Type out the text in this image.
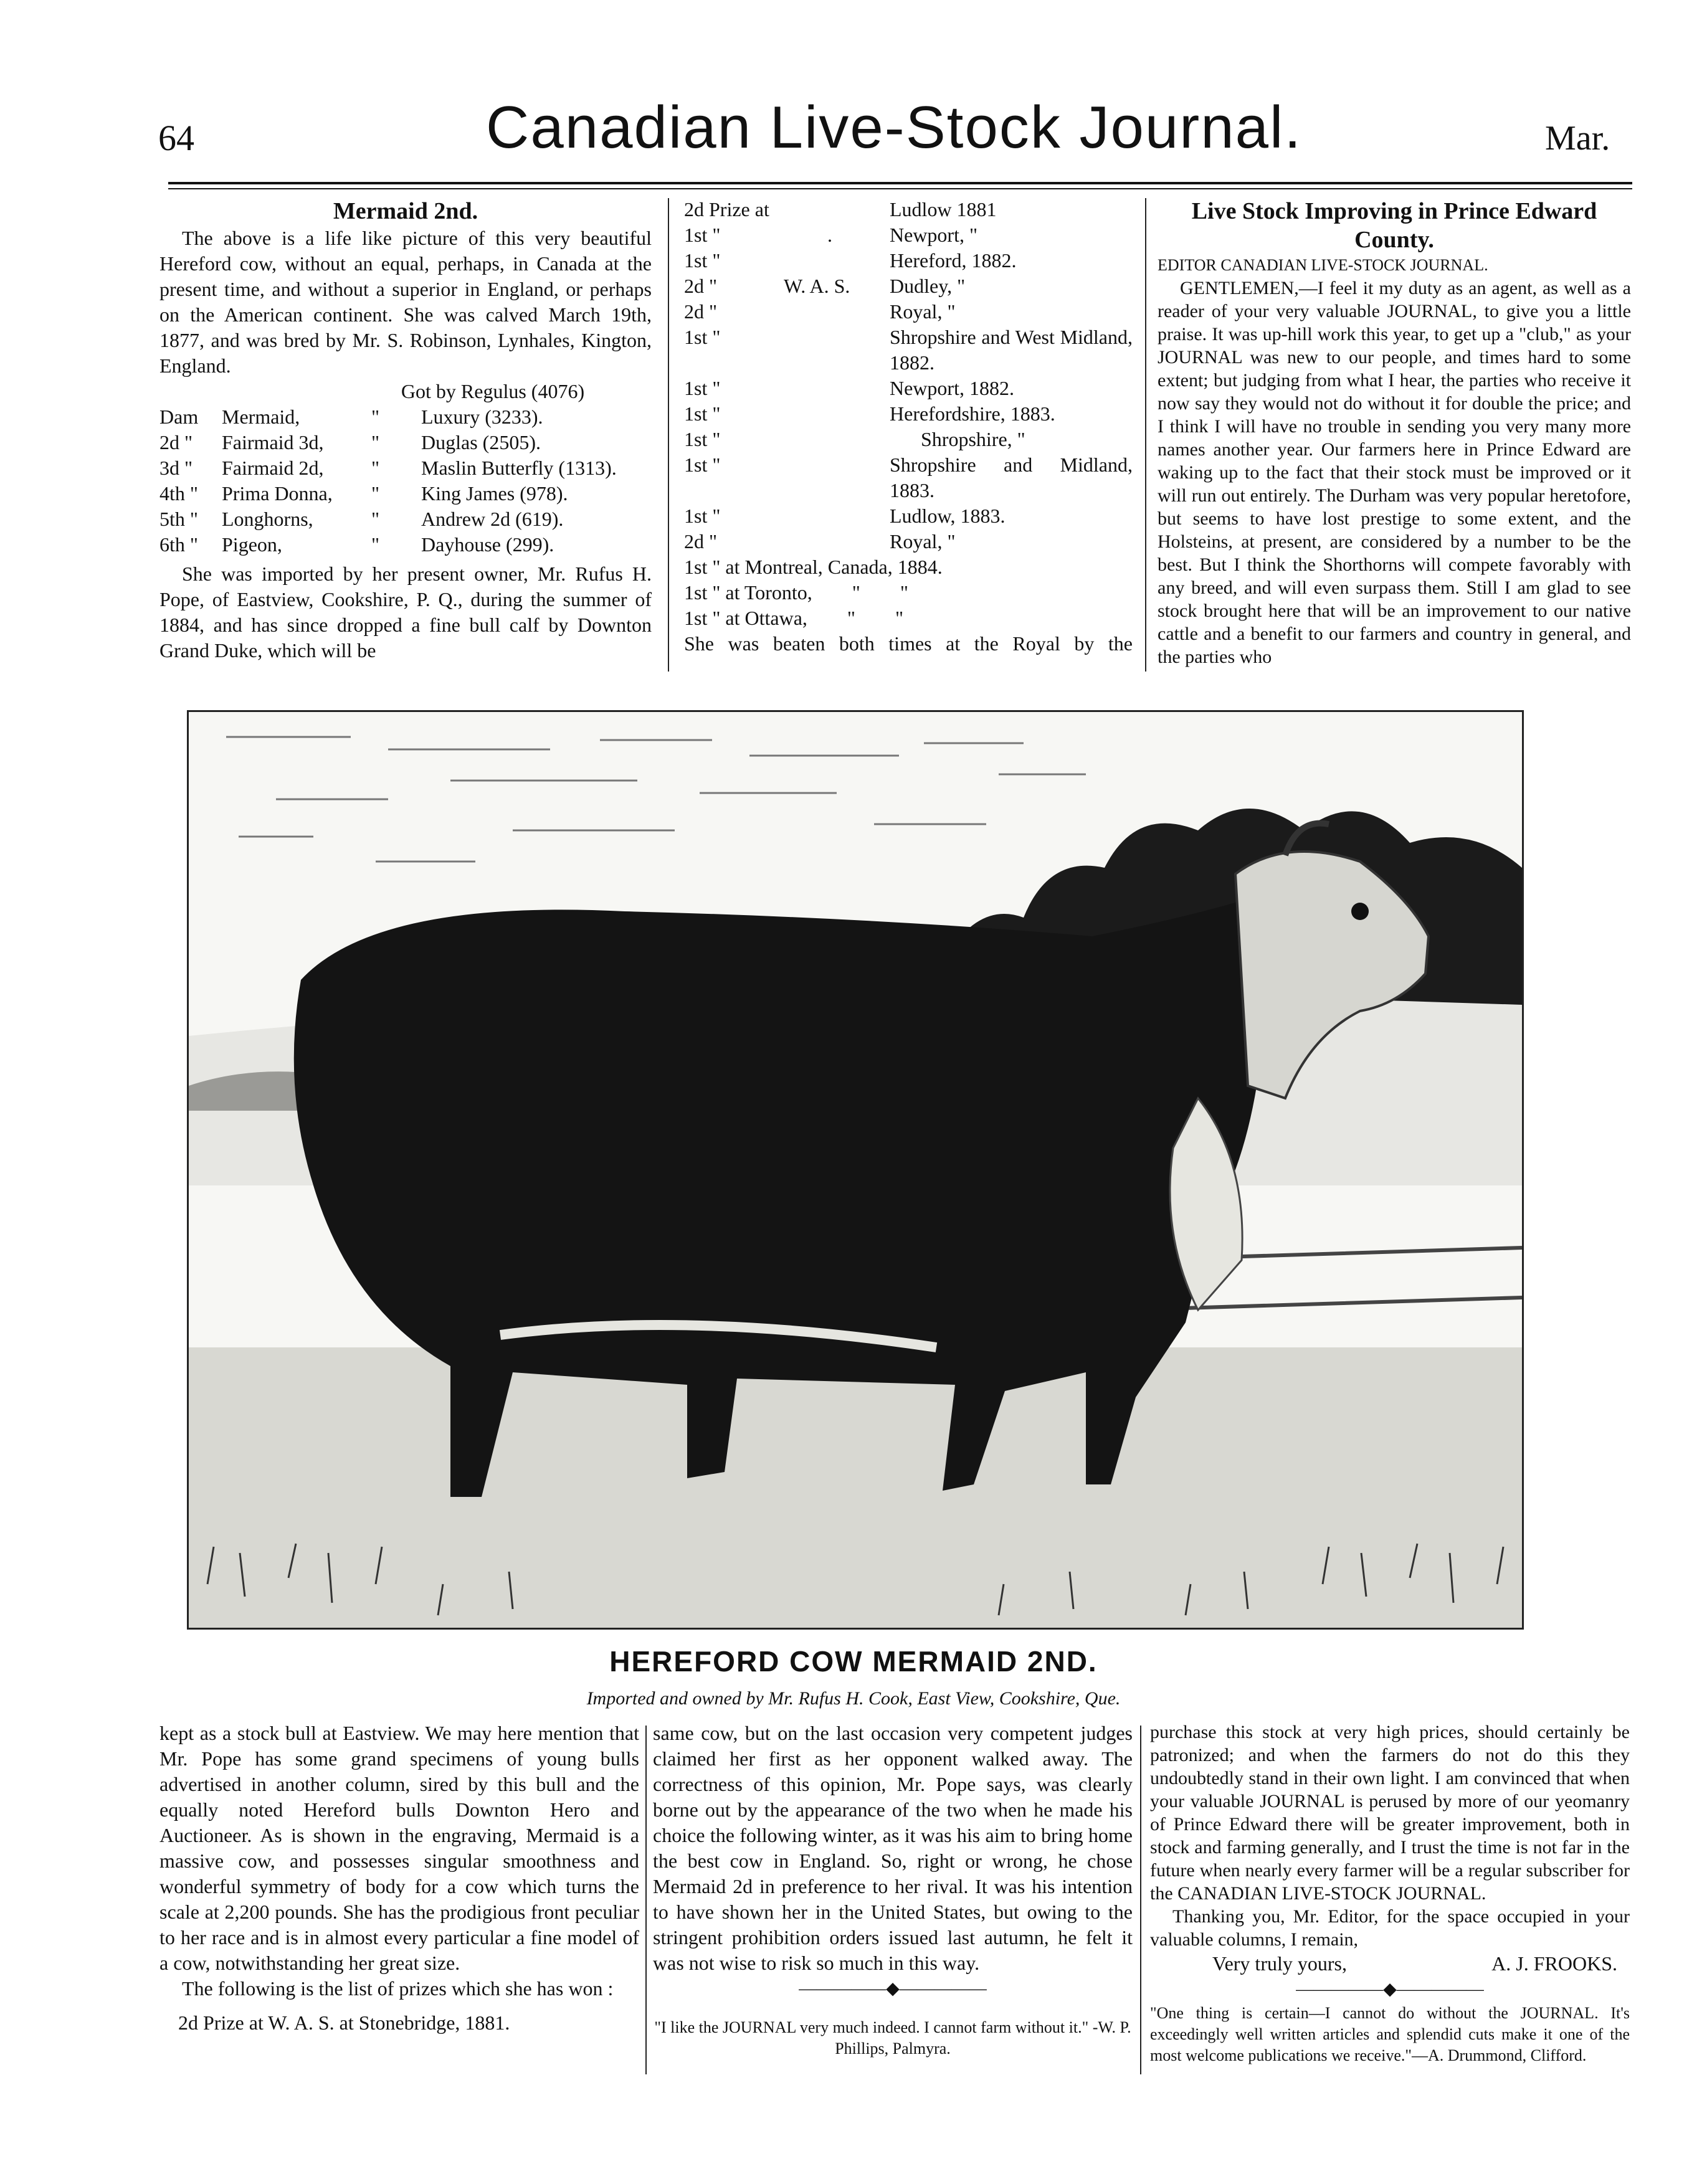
64	Canadian Live-Stock Journal.	Mar.

Mermaid 2nd.

The above is a life like picture of this very beautiful Hereford cow, without an equal, perhaps, in Canada at the present time, and without a superior in England, or perhaps on the American continent. She was calved March 19th, 1877, and was bred by Mr. S. Robinson, Lynhales, Kington, England.

Got by Regulus (4076)

Dam	Mermaid,	"	Luxury (3233).
2d "	Fairmaid 3d,	"	Duglas (2505).
3d "	Fairmaid 2d,	"	Maslin Butterfly (1313).
4th "	Prima Donna,	"	King James (978).
5th "	Longhorns,	"	Andrew 2d (619).
6th "	Pigeon,	"	Dayhouse (299).

She was imported by her present owner, Mr. Rufus H. Pope, of Eastview, Cookshire, P. Q., during the summer of 1884, and has since dropped a fine bull calf by Downton Grand Duke, which will be

2d Prize at	Ludlow 1881
1st "	.	Newport, "
1st "	Hereford, 1882.
2d "	W. A. S.	Dudley, "
2d "	Royal, "
1st "	Shropshire and West Midland, 1882.
1st "	Newport, 1882.
1st "	Herefordshire, 1883.
1st "	Shropshire, "
1st "	Shropshire and Midland, 1883.
1st "	Ludlow, 1883.
2d "	Royal, "
1st " at Montreal, Canada, 1884.
1st " at Toronto,        "        "
1st " at Ottawa,        "        "

She was beaten both times at the Royal by the

Live Stock Improving in Prince Edward County.

EDITOR CANADIAN LIVE-STOCK JOURNAL.

GENTLEMEN,—I feel it my duty as an agent, as well as a reader of your very valuable JOURNAL, to give you a little praise. It was up-hill work this year, to get up a "club," as your JOURNAL was new to our people, and times hard to some extent; but judging from what I hear, the parties who receive it now say they would not do without it for double the price; and I think I will have no trouble in sending you very many more names another year. Our farmers here in Prince Edward are waking up to the fact that their stock must be improved or it will run out entirely. The Durham was very popular heretofore, but seems to have lost prestige to some extent, and the Holsteins, at present, are considered by a number to be the best. But I think the Shorthorns will compete favorably with any breed, and will even surpass them. Still I am glad to see stock brought here that will be an improvement to our native cattle and a benefit to our farmers and country in general, and the parties who

HEREFORD COW MERMAID 2ND.
Imported and owned by Mr. Rufus H. Cook, East View, Cookshire, Que.

kept as a stock bull at Eastview. We may here mention that Mr. Pope has some grand specimens of young bulls advertised in another column, sired by this bull and the equally noted Hereford bulls Downton Hero and Auctioneer. As is shown in the engraving, Mermaid is a massive cow, and possesses singular smoothness and wonderful symmetry of body for a cow which turns the scale at 2,200 pounds. She has the prodigious front peculiar to her race and is in almost every particular a fine model of a cow, notwithstanding her great size.

The following is the list of prizes which she has won :

2d Prize at W. A. S. at Stonebridge, 1881.

same cow, but on the last occasion very competent judges claimed her first as her opponent walked away. The correctness of this opinion, Mr. Pope says, was clearly borne out by the appearance of the two when he made his choice the following winter, as it was his aim to bring home the best cow in England. So, right or wrong, he chose Mermaid 2d in preference to her rival. It was his intention to have shown her in the United States, but owing to the stringent prohibition orders issued last autumn, he felt it was not wise to risk so much in this way.

—————◆—————

"I like the JOURNAL very much indeed. I cannot farm without it." -W. P. Phillips, Palmyra.

purchase this stock at very high prices, should certainly be patronized; and when the farmers do not do this they undoubtedly stand in their own light. I am convinced that when your valuable JOURNAL is perused by more of our yeomanry of Prince Edward there will be greater improvement, both in stock and farming generally, and I trust the time is not far in the future when nearly every farmer will be a regular subscriber for the CANADIAN LIVE-STOCK JOURNAL.

Thanking you, Mr. Editor, for the space occupied in your valuable columns, I remain,

Very truly yours,	A. J. FROOKS.
—————◆—————

"One thing is certain—I cannot do without the JOURNAL. It's exceedingly well written articles and splendid cuts make it one of the most welcome publications we receive."—A. Drummond, Clifford.
